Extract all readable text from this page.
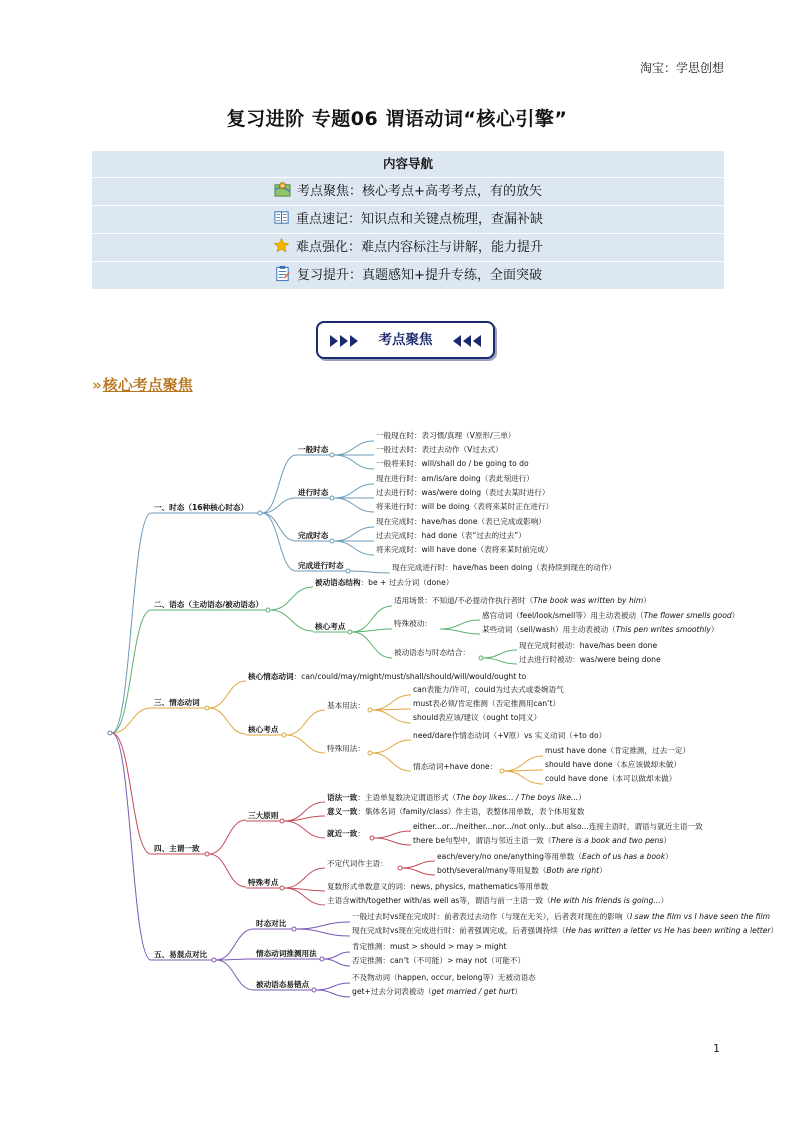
淘宝：学思创想
复习进阶 专题06 谓语动词“核心引擎”
内容导航
考点聚焦：核心考点+高考考点，有的放矢
重点速记：知识点和关键点梳理，查漏补缺
难点强化：难点内容标注与讲解，能力提升
复习提升：真题感知+提升专练，全面突破
考点聚焦
»核心考点聚焦
一、时态（16种核心时态）
二、语态（主动语态/被动语态）
三、情态动词
四、主谓一致
五、易混点对比
一般时态
一般现在时：表习惯/真理（V原形/三单）
一般过去时：表过去动作（V过去式）
一般将来时：will/shall do / be going to do
进行时态
现在进行时：am/is/are doing（表此刻进行）
过去进行时：was/were doing（表过去某时进行）
将来进行时：will be doing（表将来某时正在进行）
完成时态
现在完成时：have/has done（表已完成或影响）
过去完成时：had done（表“过去的过去”）
将来完成时：will have done（表将来某时前完成）
完成进行时态	现在完成进行时：have/has been doing（表持续到现在的动作）
被动语态结构：be + 过去分词（done）
核心考点
适用场景：不知道/不必提动作执行者时（The book was written by him）
特殊被动：
被动语态与时态结合：
感官动词（feel/look/smell等）用主动表被动（The flower smells good）
某些动词（sell/wash）用主动表被动（This pen writes smoothly）
现在完成时被动：have/has been done
过去进行时被动：was/were being done
核心情态动词：can/could/may/might/must/shall/should/will/would/ought to
核心考点
基本用法：
can表能力/许可，could为过去式或委婉语气
must表必须/肯定推测（否定推测用can’t）
should表应该/建议（ought to同义）
特殊用法：
need/dare作情态动词（+V原）vs 实义动词（+to do）
情态动词+have done：
must have done（肯定推测，过去一定）
should have done（本应该做却未做）
could have done（本可以做却未做）
三大原则
特殊考点
语法一致：主语单复数决定谓语形式（The boy likes... / The boys like...）
意义一致：集体名词（family/class）作主语，表整体用单数，表个体用复数
就近一致：
either...or.../neither...nor.../not only...but also...连接主语时，谓语与就近主语一致
there be句型中，谓语与邻近主语一致（There is a book and two pens）
不定代词作主语：
each/every/no one/anything等用单数（Each of us has a book）
both/several/many等用复数（Both are right）
复数形式单数意义的词：news, physics, mathematics等用单数
主语含with/together with/as well as等，谓语与前一主语一致（He with his friends is going...）
时态对比
一般过去时vs现在完成时：前者表过去动作（与现在无关），后者表对现在的影响（I saw the film vs I have seen the film
现在完成时vs现在完成进行时：前者强调完成，后者强调持续（He has written a letter vs He has been writing a letter）
情态动词推测用法
肯定推测：must > should > may > might
否定推测：can’t（不可能）> may not（可能不）
被动语态易错点
不及物动词（happen, occur, belong等）无被动语态
get+过去分词表被动（get married / get hurt）
1
